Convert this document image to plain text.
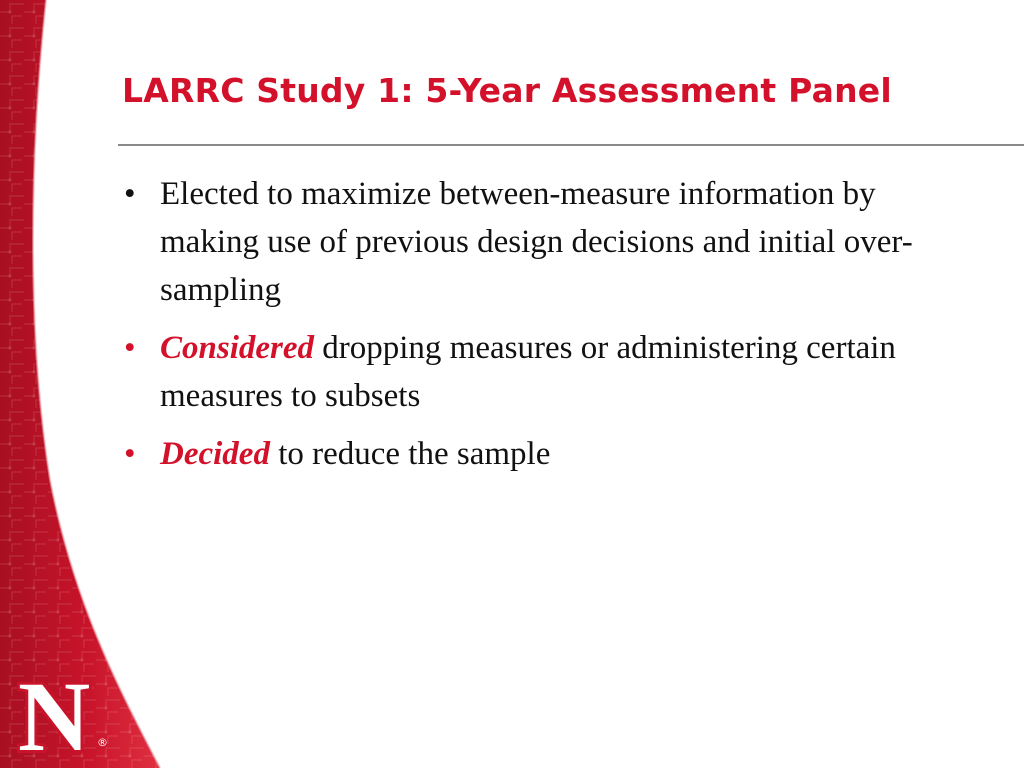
LARRC Study 1: 5-Year Assessment Panel
• Elected to maximize between-measure information by making use of previous design decisions and initial over-sampling
• Considered dropping measures or administering certain measures to subsets
• Decided to reduce the sample
N ®
